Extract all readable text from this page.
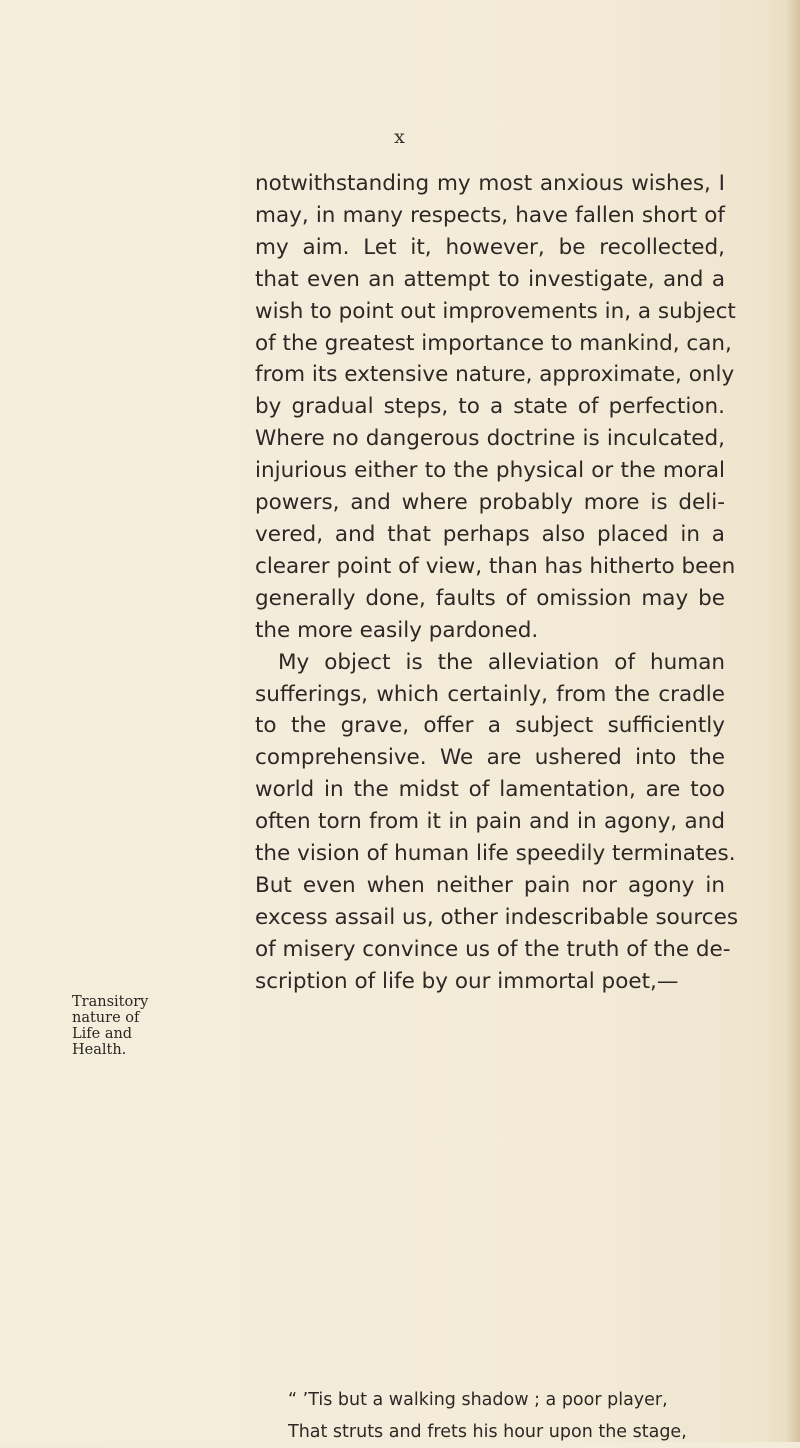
x
notwithstanding my most anxious wishes, I
may, in many respects, have fallen short of
my aim. Let it, however, be recollected,
that even an attempt to investigate, and a
wish to point out improvements in, a subject
of the greatest importance to mankind, can,
from its extensive nature, approximate, only
by gradual steps, to a state of perfection.
Where no dangerous doctrine is inculcated,
injurious either to the physical or the moral
powers, and where probably more is deli-
vered, and that perhaps also placed in a
clearer point of view, than has hitherto been
generally done, faults of omission may be
the more easily pardoned.
My object is the alleviation of human
sufferings, which certainly, from the cradle
to the grave, offer a subject sufficiently
comprehensive. We are ushered into the
world in the midst of lamentation, are too
often torn from it in pain and in agony, and
the vision of human life speedily terminates.
But even when neither pain nor agony in
excess assail us, other indescribable sources
of misery convince us of the truth of the de-
scription of life by our immortal poet,—
Transitory
nature of
Life and
Health.
“ ’Tis but a walking shadow ; a poor player,
That struts and frets his hour upon the stage,
